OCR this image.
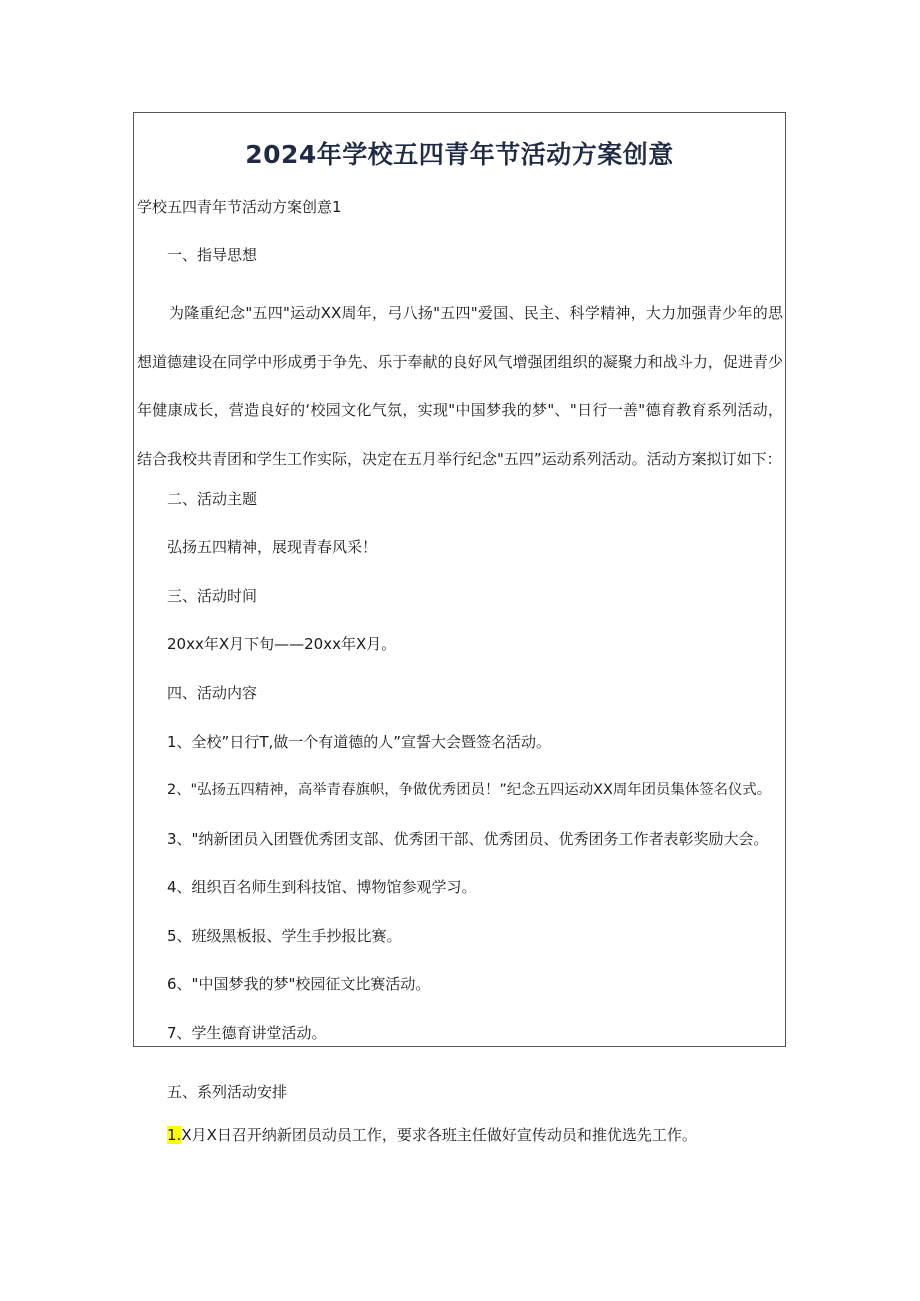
2024年学校五四青年节活动方案创意

学校五四青年节活动方案创意1

一、指导思想

为隆重纪念"五四"运动XX周年，弓八扬"五四"爱国、民主、科学精神，大力加强青少年的思想道德建设在同学中形成勇于争先、乐于奉献的良好风气增强团组织的凝聚力和战斗力，促进青少年健康成长，营造良好的‘校园文化气氛，实现"中国梦我的梦"、"日行一善"德育教育系列活动，结合我校共青团和学生工作实际，决定在五月举行纪念"五四”运动系列活动。活动方案拟订如下：

二、活动主题

弘扬五四精神，展现青春风采！

三、活动时间

20xx年X月下旬——20xx年X月。

四、活动内容

1、全校”日行T,做一个有道德的人”宣誓大会暨签名活动。

2、"弘扬五四精神，高举青春旗帜，争做优秀团员！”纪念五四运动XX周年团员集体签名仪式。

3、"纳新团员入团暨优秀团支部、优秀团干部、优秀团员、优秀团务工作者表彰奖励大会。

4、组织百名师生到科技馆、博物馆参观学习。

5、班级黑板报、学生手抄报比赛。

6、"中国梦我的梦"校园征文比赛活动。

7、学生德育讲堂活动。

五、系列活动安排

1.X月X日召开纳新团员动员工作，要求各班主任做好宣传动员和推优选先工作。
